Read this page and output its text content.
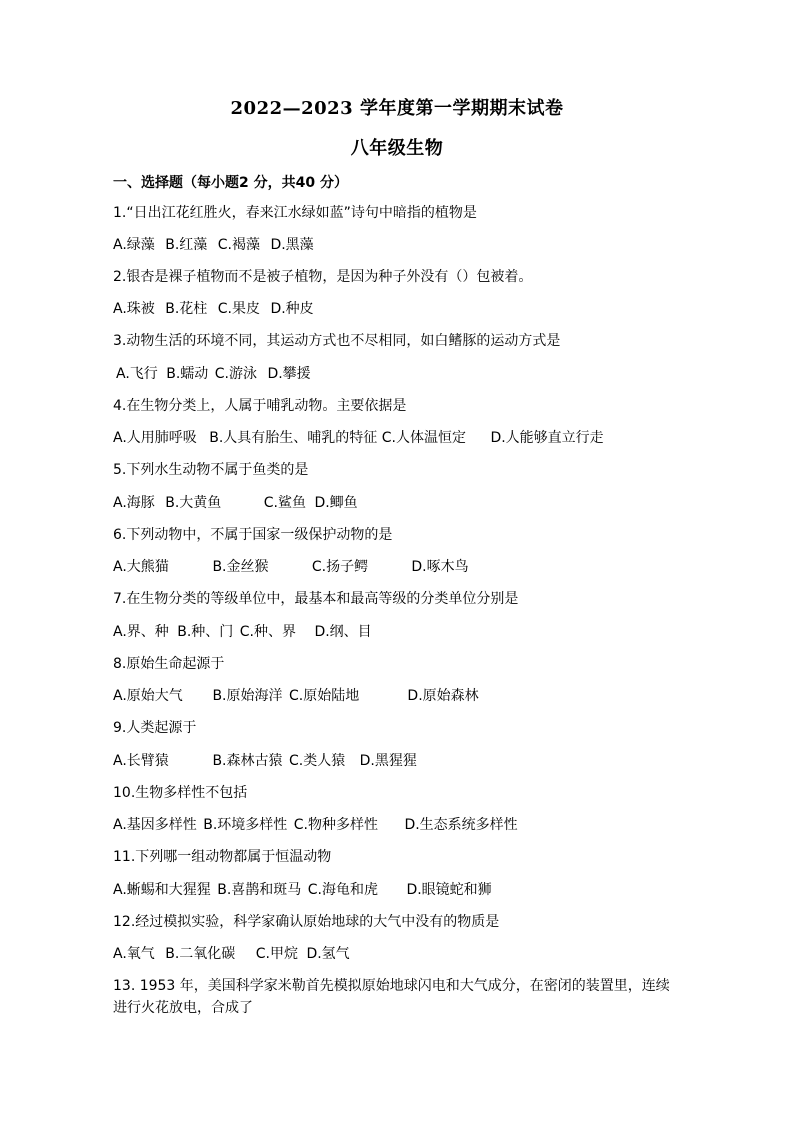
2022—2023 学年度第一学期期末试卷
八年级生物
一、选择题（每小题2 分，共40 分）
1.“日出江花红胜火，春来江水绿如蓝”诗句中暗指的植物是
A.绿藻 B.红藻 C.褐藻 D.黑藻
2.银杏是裸子植物而不是被子植物，是因为种子外没有（）包被着。
A.珠被 B.花柱 C.果皮 D.种皮
3.动物生活的环境不同，其运动方式也不尽相同，如白鳍豚的运动方式是
A.飞行 B.蠕动 C.游泳 D.攀援
4.在生物分类上，人属于哺乳动物。主要依据是
A.人用肺呼吸 B.人具有胎生、哺乳的特征 C.人体温恒定 D.人能够直立行走
5.下列水生动物不属于鱼类的是
A.海豚 B.大黄鱼	C.鲨鱼 D.鲫鱼
6.下列动物中，不属于国家一级保护动物的是
A.大熊猫	B.金丝猴	C.扬子鳄	D.啄木鸟
7.在生物分类的等级单位中，最基本和最高等级的分类单位分别是
A.界、种 B.种、门 C.种、界 D.纲、目
8.原始生命起源于
A.原始大气 B.原始海洋 C.原始陆地	D.原始森林
9.人类起源于
A.长臂猿	B.森林古猿 C.类人猿 D.黑猩猩
10.生物多样性不包括
A.基因多样性 B.环境多样性 C.物种多样性 D.生态系统多样性
11.下列哪一组动物都属于恒温动物
A.蜥蜴和大猩猩 B.喜鹊和斑马 C.海龟和虎 D.眼镜蛇和狮
12.经过模拟实验，科学家确认原始地球的大气中没有的物质是
A.氧气 B.二氧化碳 C.甲烷 D.氢气
13. 1953 年，美国科学家米勒首先模拟原始地球闪电和大气成分，在密闭的装置里，连续
进行火花放电，合成了
